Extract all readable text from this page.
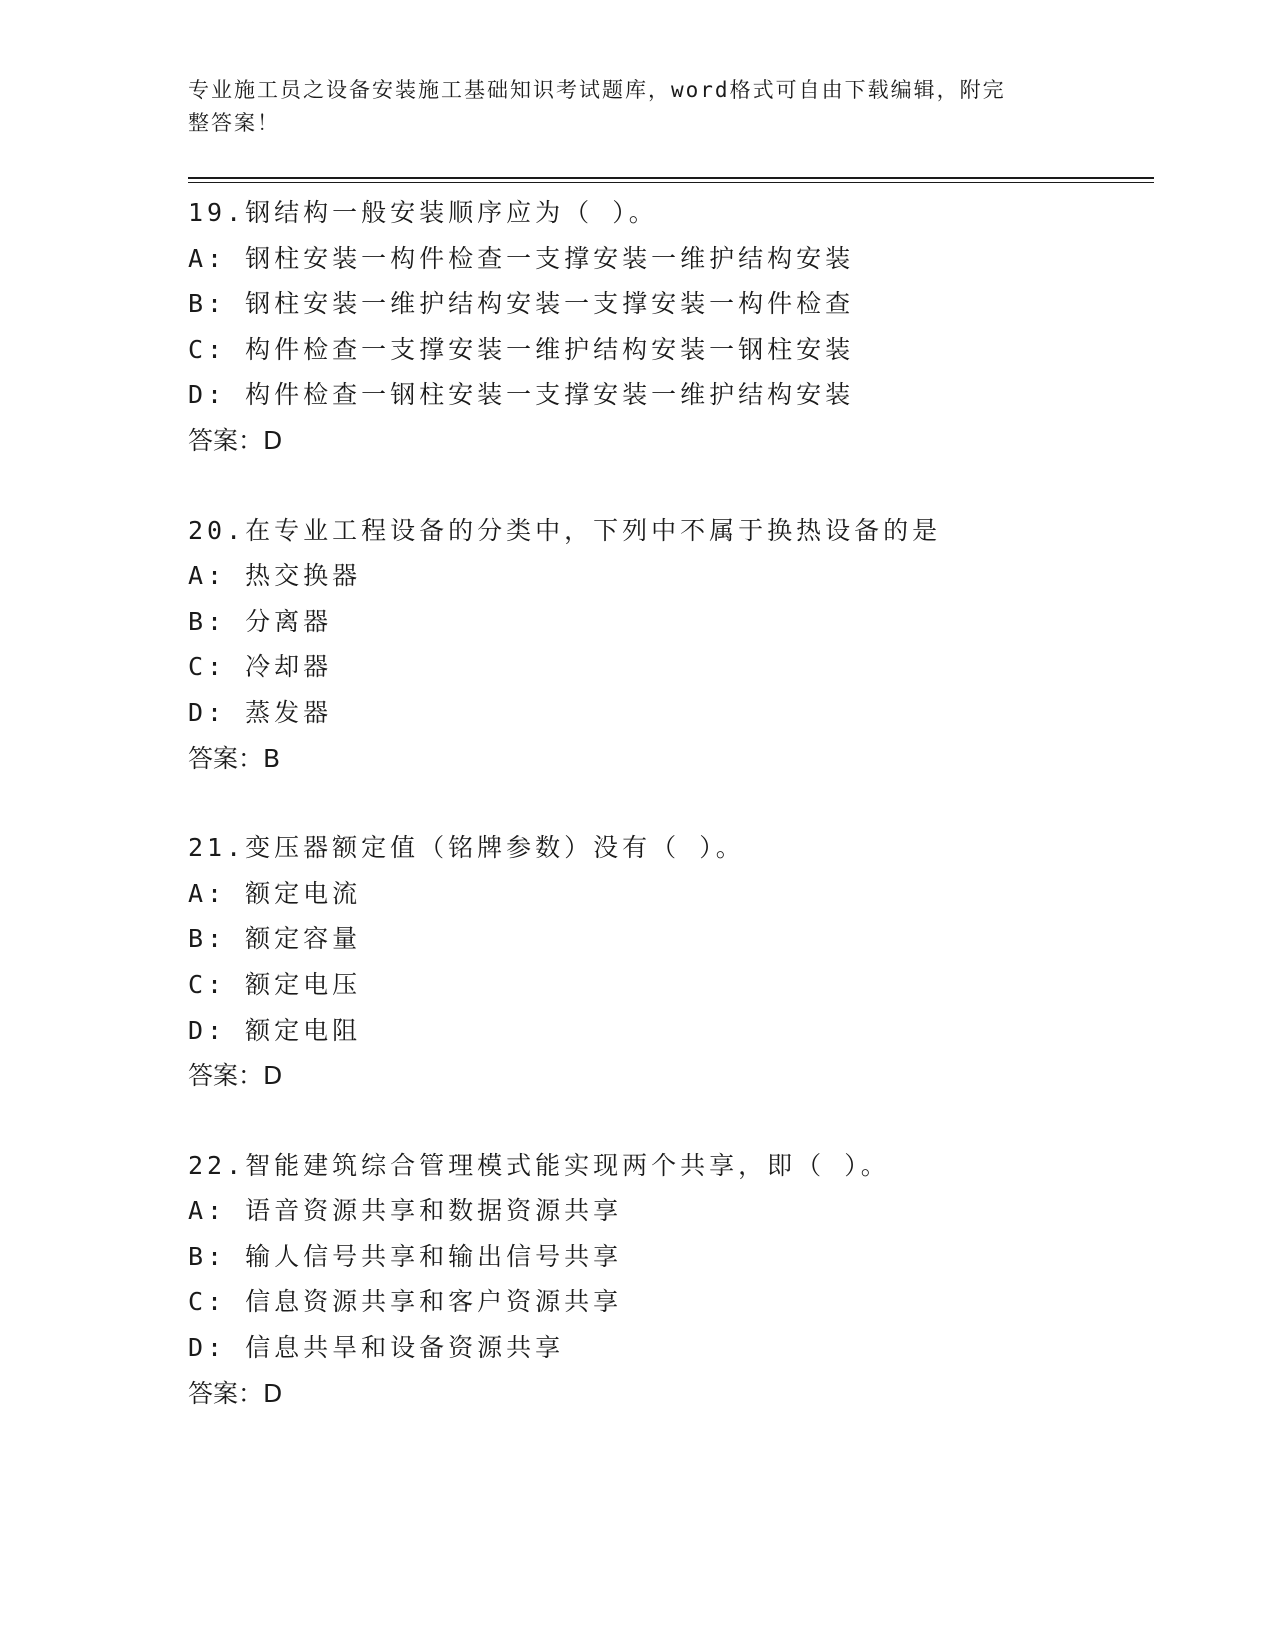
专业施工员之设备安装施工基础知识考试题库，word格式可自由下载编辑，附完
整答案！
19.钢结构一般安装顺序应为（ ）。
A: 钢柱安装一构件检查一支撑安装一维护结构安装
B: 钢柱安装一维护结构安装一支撑安装一构件检查
C: 构件检查一支撑安装一维护结构安装一钢柱安装
D: 构件检查一钢柱安装一支撑安装一维护结构安装
答案：D
20.在专业工程设备的分类中，下列中不属于换热设备的是
A: 热交换器
B: 分离器
C: 冷却器
D: 蒸发器
答案：B
21.变压器额定值（铭牌参数）没有（ ）。
A: 额定电流
B: 额定容量
C: 额定电压
D: 额定电阻
答案：D
22.智能建筑综合管理模式能实现两个共享，即（ ）。
A: 语音资源共享和数据资源共享
B: 输人信号共享和输出信号共享
C: 信息资源共享和客户资源共享
D: 信息共旱和设备资源共享
答案：D
